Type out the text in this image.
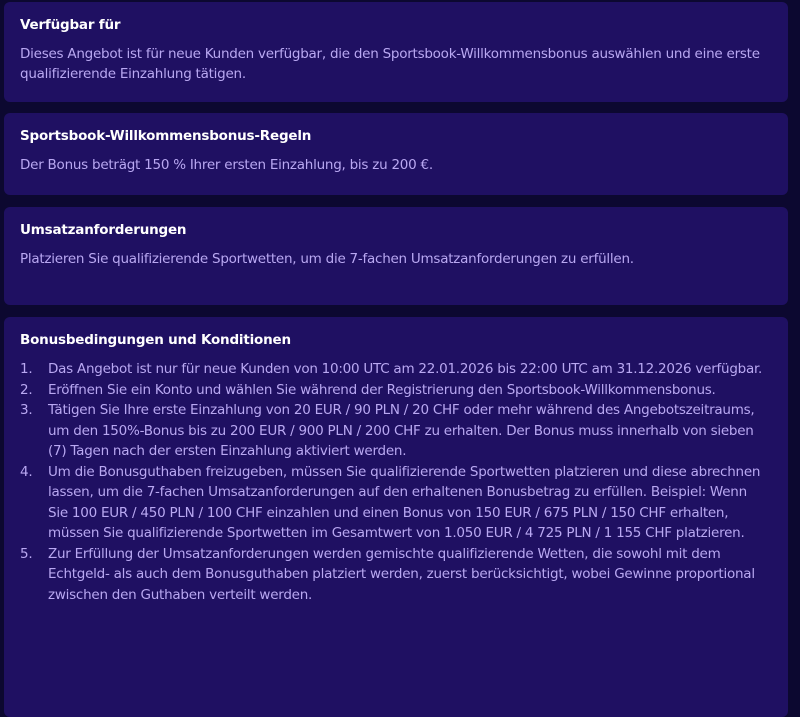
Verfügbar für

Dieses Angebot ist für neue Kunden verfügbar, die den Sportsbook-Willkommensbonus auswählen und eine erste qualifizierende Einzahlung tätigen.

Sportsbook-Willkommensbonus-Regeln

Der Bonus beträgt 150 % Ihrer ersten Einzahlung, bis zu 200 €.

Umsatzanforderungen

Platzieren Sie qualifizierende Sportwetten, um die 7-fachen Umsatzanforderungen zu erfüllen.

Bonusbedingungen und Konditionen
1.	Das Angebot ist nur für neue Kunden von 10:00 UTC am 22.01.2026 bis 22:00 UTC am 31.12.2026 verfügbar.
2.	Eröffnen Sie ein Konto und wählen Sie während der Registrierung den Sportsbook-Willkommensbonus.
3.	Tätigen Sie Ihre erste Einzahlung von 20 EUR / 90 PLN / 20 CHF oder mehr während des Angebotszeitraums, um den 150%-Bonus bis zu 200 EUR / 900 PLN / 200 CHF zu erhalten. Der Bonus muss innerhalb von sieben (7) Tagen nach der ersten Einzahlung aktiviert werden.
4.	Um die Bonusguthaben freizugeben, müssen Sie qualifizierende Sportwetten platzieren und diese abrechnen lassen, um die 7-fachen Umsatzanforderungen auf den erhaltenen Bonusbetrag zu erfüllen. Beispiel: Wenn Sie 100 EUR / 450 PLN / 100 CHF einzahlen und einen Bonus von 150 EUR / 675 PLN / 150 CHF erhalten, müssen Sie qualifizierende Sportwetten im Gesamtwert von 1.050 EUR / 4 725 PLN / 1 155 CHF platzieren.
5.	Zur Erfüllung der Umsatzanforderungen werden gemischte qualifizierende Wetten, die sowohl mit dem Echtgeld- als auch dem Bonusguthaben platziert werden, zuerst berücksichtigt, wobei Gewinne proportional zwischen den Guthaben verteilt werden.
